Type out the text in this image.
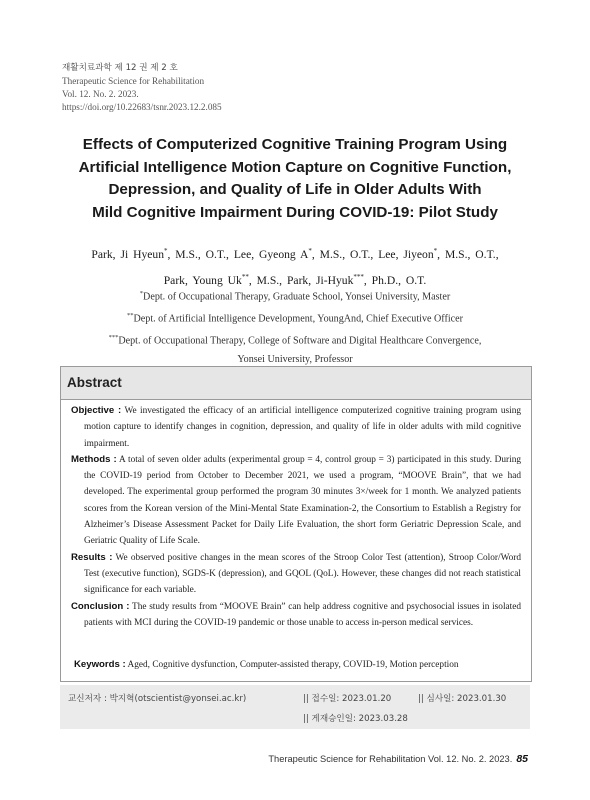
재활치료과학 제 12 권 제 2 호
Therapeutic Science for Rehabilitation
Vol. 12. No. 2. 2023.
https://doi.org/10.22683/tsnr.2023.12.2.085
Effects of Computerized Cognitive Training Program Using
Artificial Intelligence Motion Capture on Cognitive Function,
Depression, and Quality of Life in Older Adults With
Mild Cognitive Impairment During COVID-19: Pilot Study
Park, Ji Hyeun*, M.S., O.T., Lee, Gyeong A*, M.S., O.T., Lee, Jiyeon*, M.S., O.T.,
Park, Young Uk**, M.S., Park, Ji-Hyuk***, Ph.D., O.T.
*Dept. of Occupational Therapy, Graduate School, Yonsei University, Master
**Dept. of Artificial Intelligence Development, YoungAnd, Chief Executive Officer
***Dept. of Occupational Therapy, College of Software and Digital Healthcare Convergence,
Yonsei University, Professor
Abstract
Objective : We investigated the efficacy of an artificial intelligence computerized cognitive training program using motion capture to identify changes in cognition, depression, and quality of life in older adults with mild cognitive impairment.
Methods : A total of seven older adults (experimental group = 4, control group = 3) participated in this study. During the COVID-19 period from October to December 2021, we used a program, “MOOVE Brain”, that we had developed. The experimental group performed the program 30 minutes 3×/week for 1 month. We analyzed patients scores from the Korean version of the Mini-Mental State Examination-2, the Consortium to Establish a Registry for Alzheimer’s Disease Assessment Packet for Daily Life Evaluation, the short form Geriatric Depression Scale, and Geriatric Quality of Life Scale.
Results : We observed positive changes in the mean scores of the Stroop Color Test (attention), Stroop Color/Word Test (executive function), SGDS-K (depression), and GQOL (QoL). However, these changes did not reach statistical significance for each variable.
Conclusion : The study results from “MOOVE Brain” can help address cognitive and psychosocial issues in isolated patients with MCI during the COVID-19 pandemic or those unable to access in-person medical services.
Keywords : Aged, Cognitive dysfunction, Computer-assisted therapy, COVID-19, Motion perception
교신저자 : 박지혁(otscientist@yonsei.ac.kr)	|| 접수일: 2023.01.20	|| 심사일: 2023.01.30
|| 게재승인일: 2023.03.28
Therapeutic Science for Rehabilitation Vol. 12. No. 2. 2023. 85
